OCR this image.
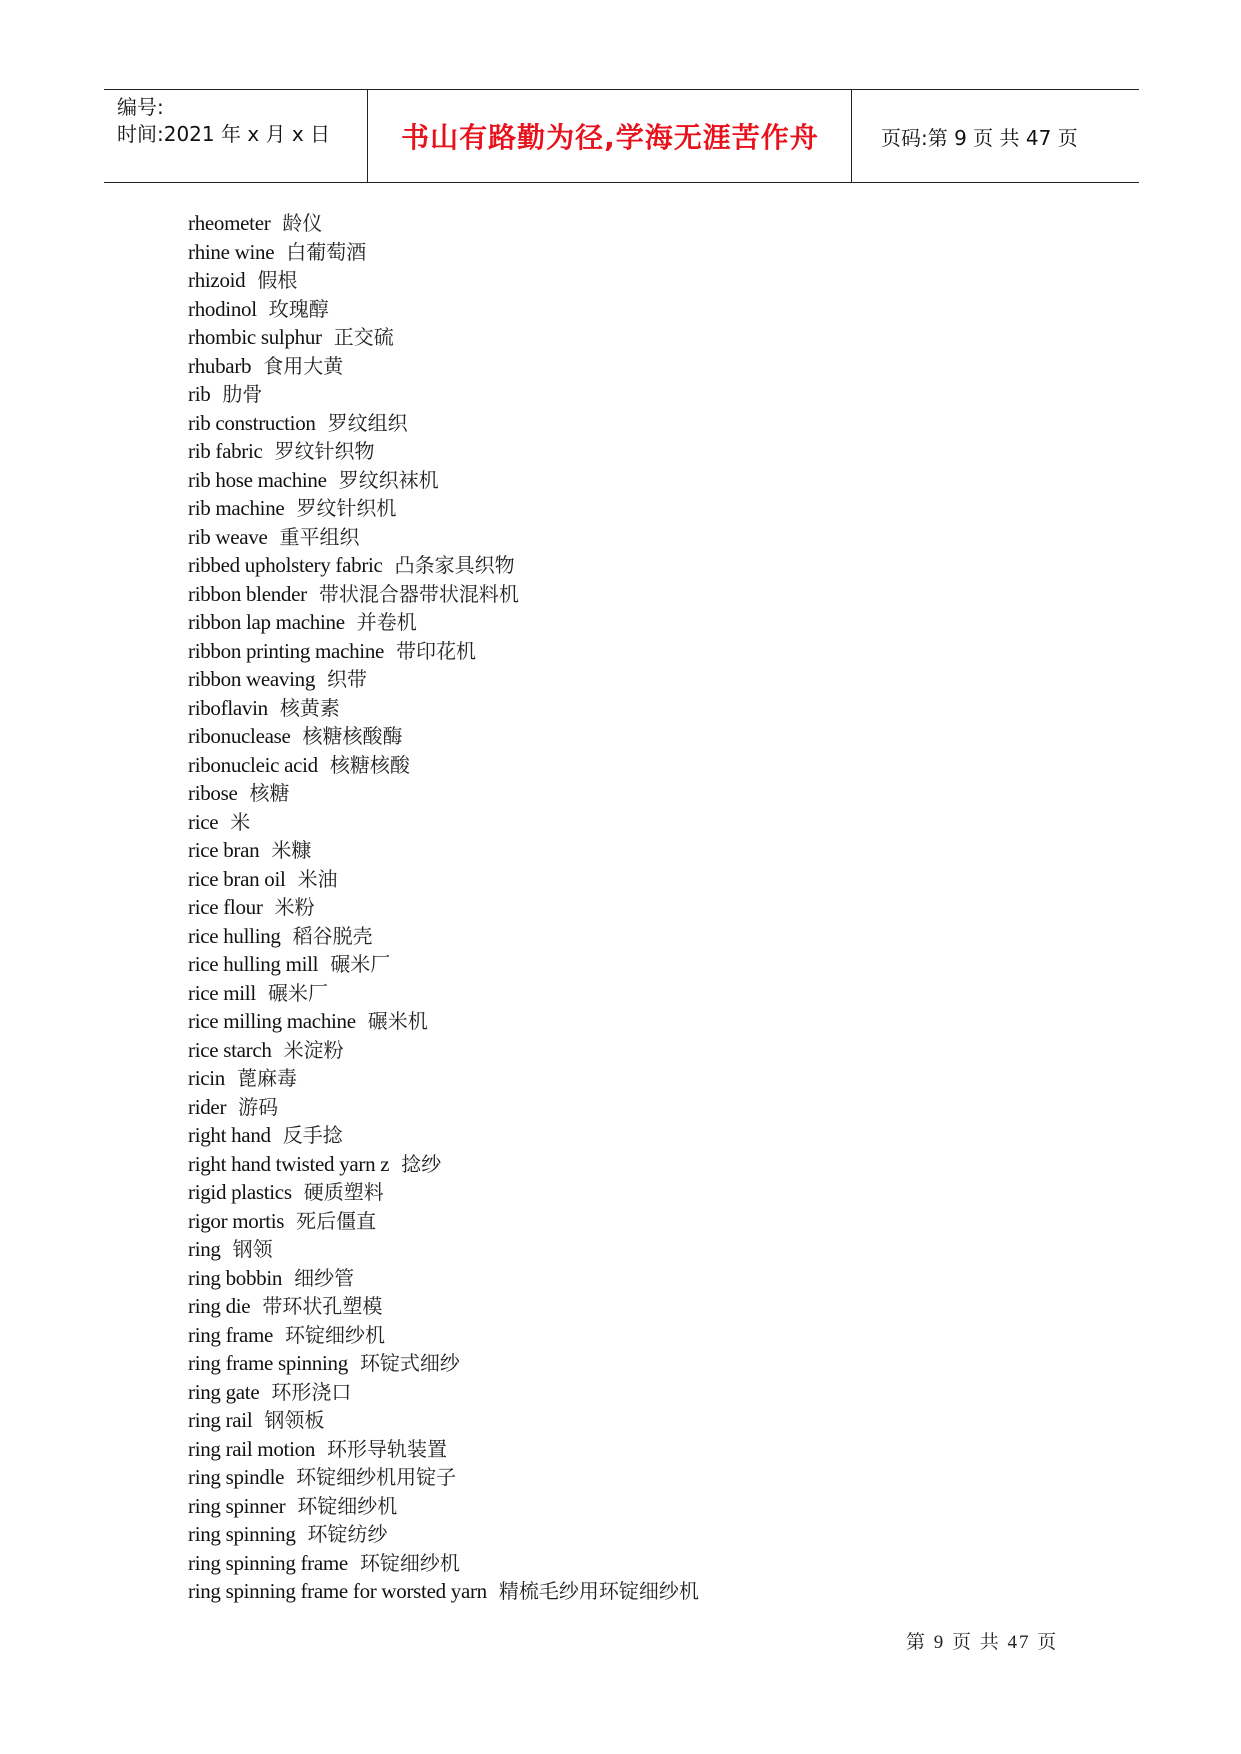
编号:
时间:2021 年 x 月 x 日	书山有路勤为径,学海无涯苦作舟	页码:第 9 页 共 47 页
rheometer 龄仪
rhine wine 白葡萄酒
rhizoid 假根
rhodinol 玫瑰醇
rhombic sulphur 正交硫
rhubarb 食用大黄
rib 肋骨
rib construction 罗纹组织
rib fabric 罗纹针织物
rib hose machine 罗纹织袜机
rib machine 罗纹针织机
rib weave 重平组织
ribbed upholstery fabric 凸条家具织物
ribbon blender 带状混合器带状混料机
ribbon lap machine 并卷机
ribbon printing machine 带印花机
ribbon weaving 织带
riboflavin 核黄素
ribonuclease 核糖核酸酶
ribonucleic acid 核糖核酸
ribose 核糖
rice 米
rice bran 米糠
rice bran oil 米油
rice flour 米粉
rice hulling 稻谷脱壳
rice hulling mill 碾米厂
rice mill 碾米厂
rice milling machine 碾米机
rice starch 米淀粉
ricin 蓖麻毒
rider 游码
right hand 反手捻
right hand twisted yarn z 捻纱
rigid plastics 硬质塑料
rigor mortis 死后僵直
ring 钢领
ring bobbin 细纱管
ring die 带环状孔塑模
ring frame 环锭细纱机
ring frame spinning 环锭式细纱
ring gate 环形浇口
ring rail 钢领板
ring rail motion 环形导轨装置
ring spindle 环锭细纱机用锭子
ring spinner 环锭细纱机
ring spinning 环锭纺纱
ring spinning frame 环锭细纱机
ring spinning frame for worsted yarn 精梳毛纱用环锭细纱机
第 9 页 共 47 页
